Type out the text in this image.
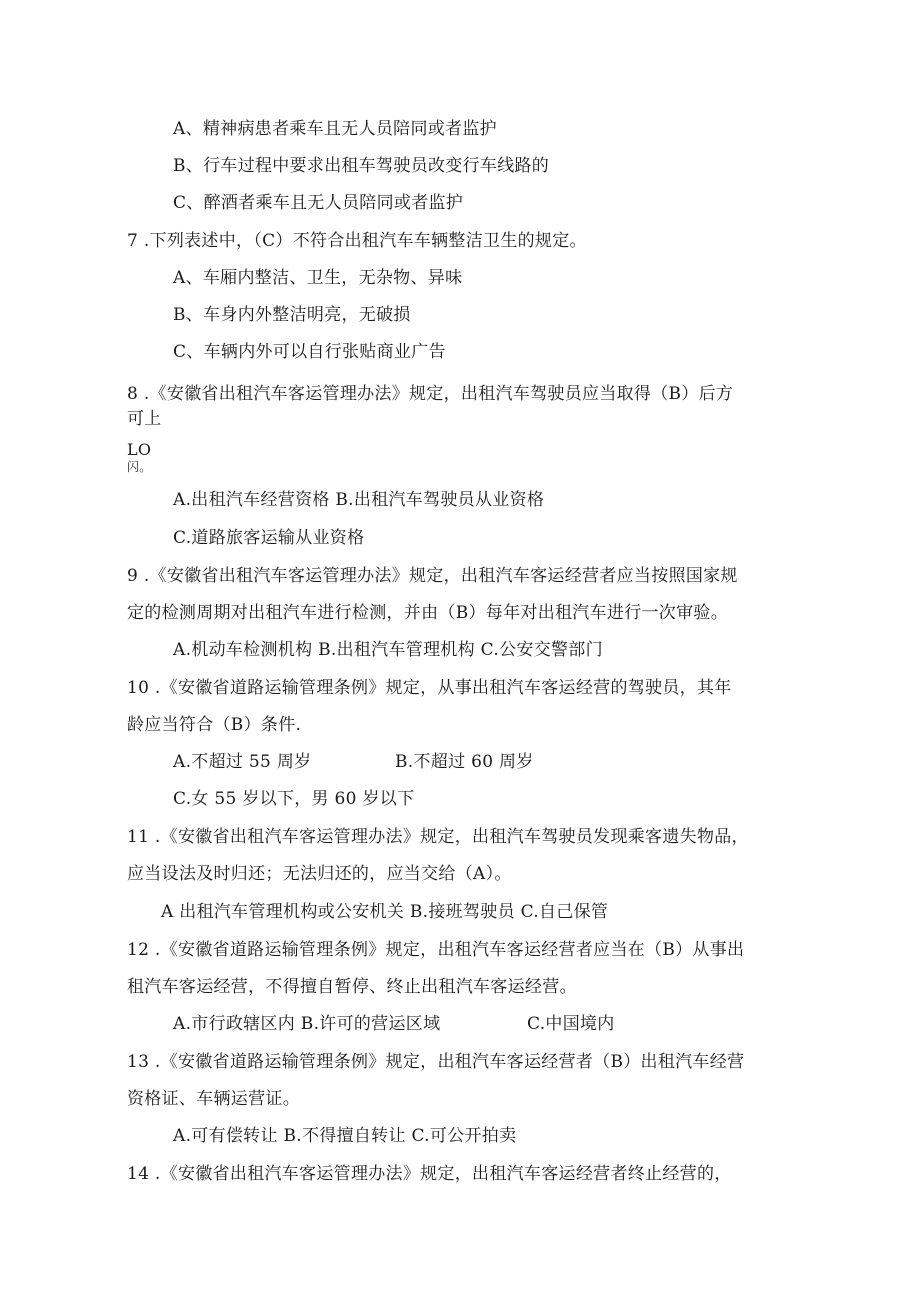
A、精神病患者乘车且无人员陪同或者监护
B、行车过程中要求出租车驾驶员改变行车线路的
C、醉酒者乘车且无人员陪同或者监护
7 .下列表述中，（C）不符合出租汽车车辆整洁卫生的规定。
A、车厢内整洁、卫生，无杂物、异味
B、车身内外整洁明亮，无破损
C、车辆内外可以自行张贴商业广告
8 .《安徽省出租汽车客运管理办法》规定，出租汽车驾驶员应当取得（B）后方
可上
LO
闪。
A.出租汽车经营资格 B.出租汽车驾驶员从业资格
C.道路旅客运输从业资格
9 .《安徽省出租汽车客运管理办法》规定，出租汽车客运经营者应当按照国家规
定的检测周期对出租汽车进行检测，并由（B）每年对出租汽车进行一次审验。
A.机动车检测机构 B.出租汽车管理机构 C.公安交警部门
10 .《安徽省道路运输管理条例》规定，从事出租汽车客运经营的驾驶员，其年
龄应当符合（B）条件.
A.不超过 55 周岁	B.不超过 60 周岁
C.女 55 岁以下，男 60 岁以下
11 .《安徽省出租汽车客运管理办法》规定，出租汽车驾驶员发现乘客遗失物品，
应当设法及时归还；无法归还的，应当交给（A）。
A 出租汽车管理机构或公安机关 B.接班驾驶员 C.自己保管
12 .《安徽省道路运输管理条例》规定，出租汽车客运经营者应当在（B）从事出
租汽车客运经营，不得擅自暂停、终止出租汽车客运经营。
A.市行政辖区内 B.许可的营运区域	C.中国境内
13 .《安徽省道路运输管理条例》规定，出租汽车客运经营者（B）出租汽车经营
资格证、车辆运营证。
A.可有偿转让 B.不得擅自转让 C.可公开拍卖
14 .《安徽省出租汽车客运管理办法》规定，出租汽车客运经营者终止经营的，
